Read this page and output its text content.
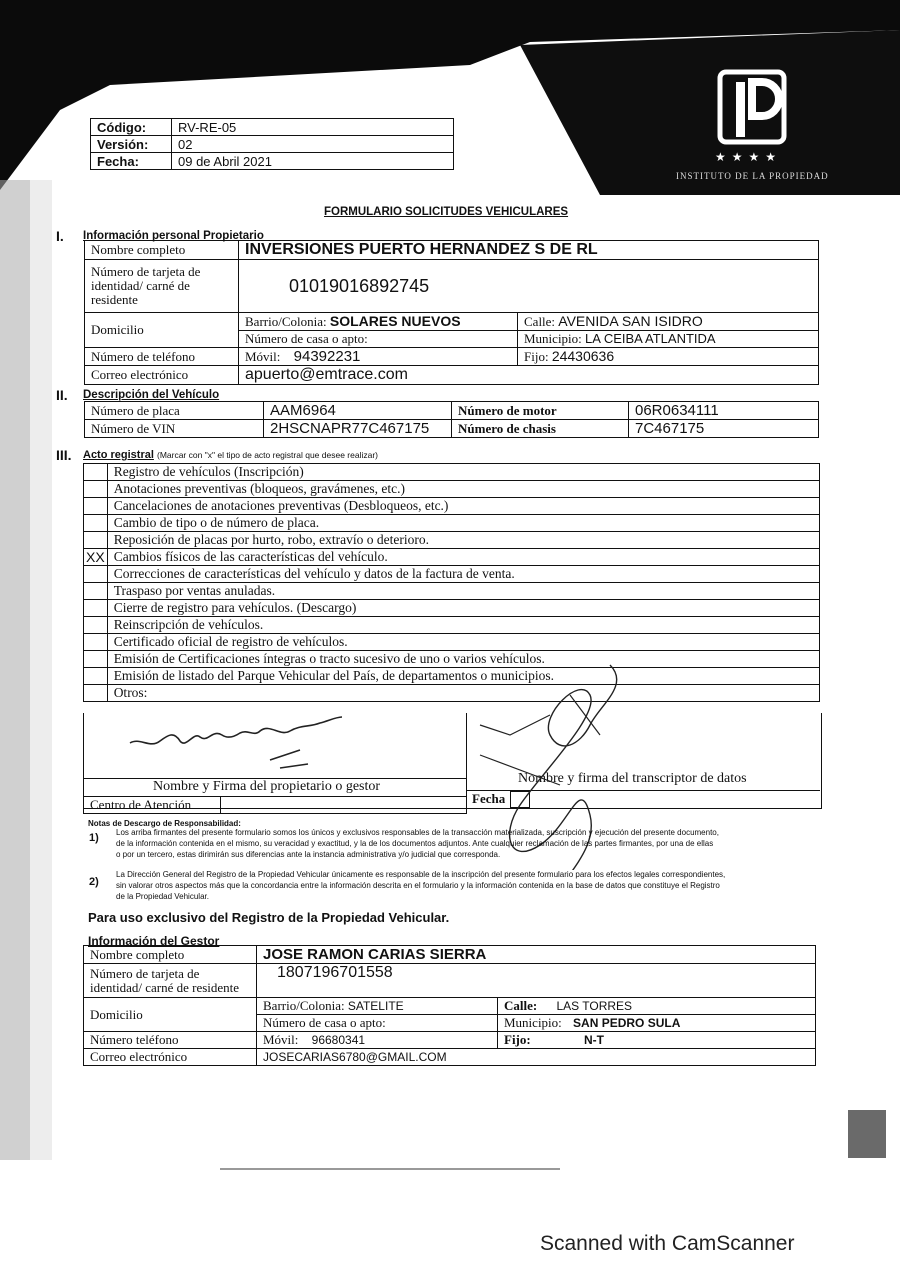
★★★★
INSTITUTO DE LA PROPIEDAD
Código:	RV-RE-05
Versión:	02
Fecha:	09 de Abril 2021
FORMULARIO SOLICITUDES VEHICULARES
I. Información personal Propietario
Nombre completo	INVERSIONES PUERTO HERNANDEZ S DE RL	
Número de tarjeta de identidad/ carné de residente	01019016892745	
Domicilio	Barrio/Colonia: SOLARES NUEVOS	Calle: AVENIDA SAN ISIDRO
	Número de casa o apto:	Municipio: LA CEIBA ATLANTIDA
Número de teléfono	Móvil: 94392231	Fijo: 24430636
Correo electrónico	apuerto@emtrace.com	
II. Descripción del Vehículo
Número de placa	AAM6964	Número de motor	06R0634111
Número de VIN	2HSCNAPR77C467175	Número de chasis	7C467175
III. Acto registral (Marcar con "x" el tipo de acto registral que desee realizar)
	Registro de vehículos (Inscripción)
	Anotaciones preventivas (bloqueos, gravámenes, etc.)
	Cancelaciones de anotaciones preventivas (Desbloqueos, etc.)
	Cambio de tipo o de número de placa.
	Reposición de placas por hurto, robo, extravío o deterioro.
XX	Cambios físicos de las características del vehículo.
	Correcciones de características del vehículo y datos de la factura de venta.
	Traspaso por ventas anuladas.
	Cierre de registro para vehículos. (Descargo)
	Reinscripción de vehículos.
	Certificado oficial de registro de vehículos.
	Emisión de Certificaciones íntegras o tracto sucesivo de uno o varios vehículos.
	Emisión de listado del Parque Vehicular del País, de departamentos o municipios.
	Otros:
Nombre y Firma del propietario o gestor
Nombre y firma del transcriptor de datos
Centro de Atención	Fecha
Notas de Descargo de Responsabilidad:
1) Los arriba firmantes del presente formulario somos los únicos y exclusivos responsables de la transacción materializada, suscripción y ejecución del presente documento,
de la información contenida en el mismo, su veracidad y exactitud, y la de los documentos adjuntos. Ante cualquier reclamación de las partes firmantes, por una de ellas
o por un tercero, estas dirimirán sus diferencias ante la instancia administrativa y/o judicial que corresponda.
2)
La Dirección General del Registro de la Propiedad Vehicular únicamente es responsable de la inscripción del presente formulario para los efectos legales correspondientes,
sin valorar otros aspectos más que la concordancia entre la información descrita en el formulario y la información contenida en la base de datos que constituye el Registro
de la Propiedad Vehicular.
Para uso exclusivo del Registro de la Propiedad Vehicular.
Información del Gestor
Nombre completo	JOSE RAMON CARIAS SIERRA	
Número de tarjeta de identidad/ carné de residente	1807196701558	
Domicilio	Barrio/Colonia: SATELITE	Calle: LAS TORRES
	Número de casa o apto:	Municipio: SAN PEDRO SULA
Número teléfono	Móvil: 96680341	Fijo: N-T
Correo electrónico	JOSECARIAS6780@GMAIL.COM	
Scanned with CamScanner
